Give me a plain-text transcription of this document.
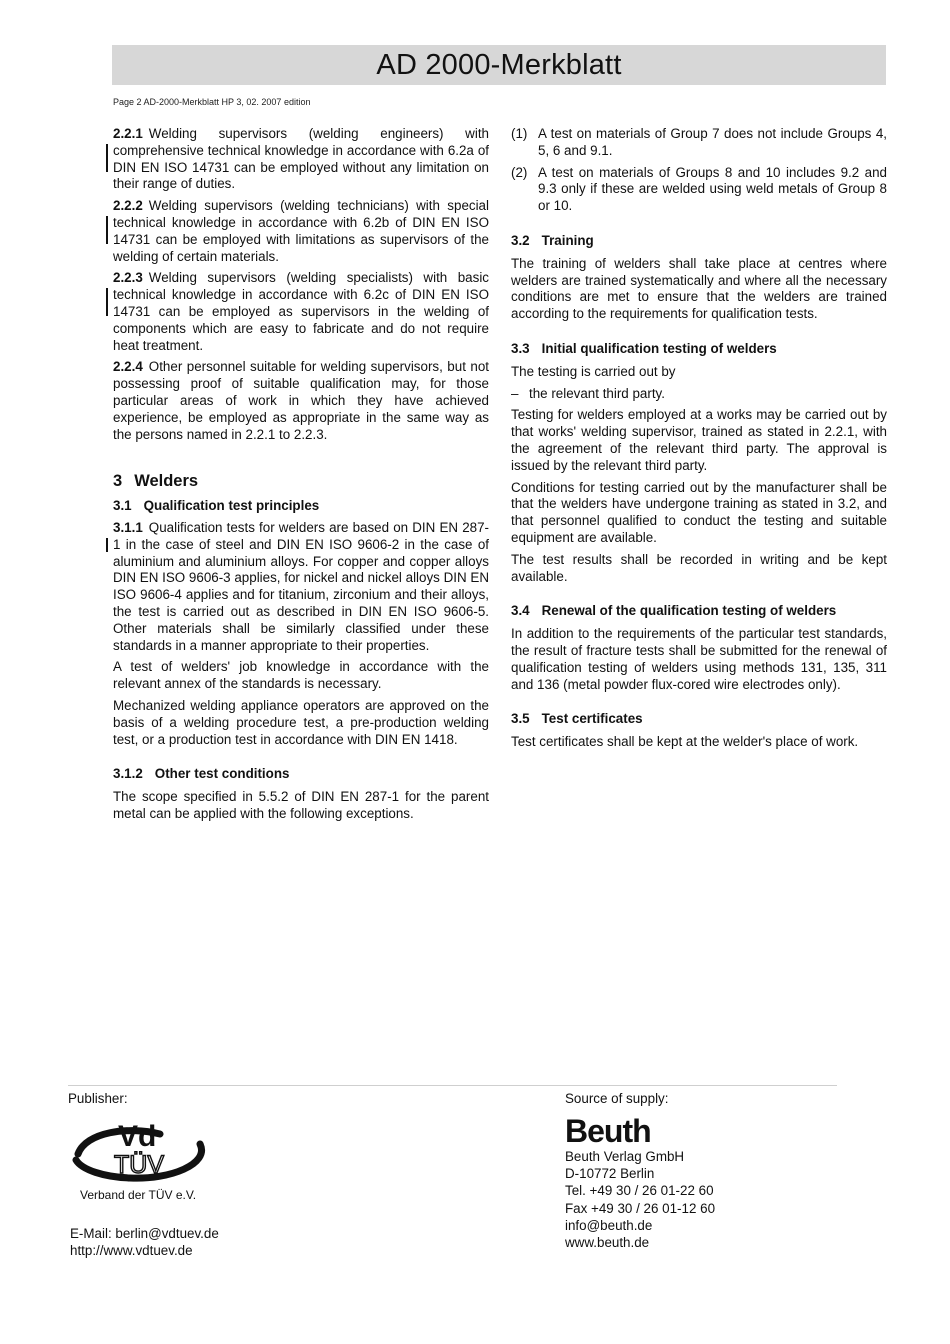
AD 2000-Merkblatt
Page 2 AD-2000-Merkblatt HP 3, 02. 2007 edition

2.2.1 Welding supervisors (welding engineers) with comprehensive technical knowledge in accordance with 6.2a of DIN EN ISO 14731 can be employed without any limitation on their range of duties.

2.2.2 Welding supervisors (welding technicians) with special technical knowledge in accordance with 6.2b of DIN EN ISO 14731 can be employed with limitations as supervisors of the welding of certain materials.

2.2.3 Welding supervisors (welding specialists) with basic technical knowledge in accordance with 6.2c of DIN EN ISO 14731 can be employed as supervisors in the welding of components which are easy to fabricate and do not require heat treatment.

2.2.4 Other personnel suitable for welding supervisors, but not possessing proof of suitable qualification may, for those particular areas of work in which they have achieved experience, be employed as appropriate in the same way as the persons named in 2.2.1 to 2.2.3.

3 Welders
3.1 Qualification test principles

3.1.1 Qualification tests for welders are based on DIN EN 287-1 in the case of steel and DIN EN ISO 9606-2 in the case of aluminium and aluminium alloys. For copper and copper alloys DIN EN ISO 9606-3 applies, for nickel and nickel alloys DIN EN ISO 9606-4 applies and for titanium, zirconium and their alloys, the test is carried out as described in DIN EN ISO 9606-5. Other materials shall be similarly classified under these standards in a manner appropriate to their properties.

A test of welders' job knowledge in accordance with the relevant annex of the standards is necessary.

Mechanized welding appliance operators are approved on the basis of a welding procedure test, a pre-production welding test, or a production test in accordance with DIN EN 1418.

3.1.2 Other test conditions

The scope specified in 5.5.2 of DIN EN 287-1 for the parent metal can be applied with the following exceptions.

(1) A test on materials of Group 7 does not include Groups 4, 5, 6 and 9.1.
(2) A test on materials of Groups 8 and 10 includes 9.2 and 9.3 only if these are welded using weld metals of Group 8 or 10.
3.2 Training

The training of welders shall take place at centres where welders are trained systematically and where all the necessary conditions are met to ensure that the welders are trained according to the requirements for qualification tests.

3.3 Initial qualification testing of welders

The testing is carried out by

– the relevant third party.

Testing for welders employed at a works may be carried out by that works' welding supervisor, trained as stated in 2.2.1, with the agreement of the relevant third party. The approval is issued by the relevant third party.

Conditions for testing carried out by the manufacturer shall be that the welders have undergone training as stated in 3.2, and that personnel qualified to conduct the testing and suitable equipment are available.

The test results shall be recorded in writing and be kept available.

3.4 Renewal of the qualification testing of welders

In addition to the requirements of the particular test standards, the result of fracture tests shall be submitted for the renewal of qualification testing of welders using methods 131, 135, 311 and 136 (metal powder flux-cored wire electrodes only).

3.5 Test certificates

Test certificates shall be kept at the welder's place of work.

Publisher:
Vd
TÜV
Verband der TÜV e.V.
E-Mail: berlin@vdtuev.de
http://www.vdtuev.de
Source of supply:
Beuth
Beuth Verlag GmbH
D-10772 Berlin
Tel. +49 30 / 26 01-22 60
Fax +49 30 / 26 01-12 60
info@beuth.de
www.beuth.de
